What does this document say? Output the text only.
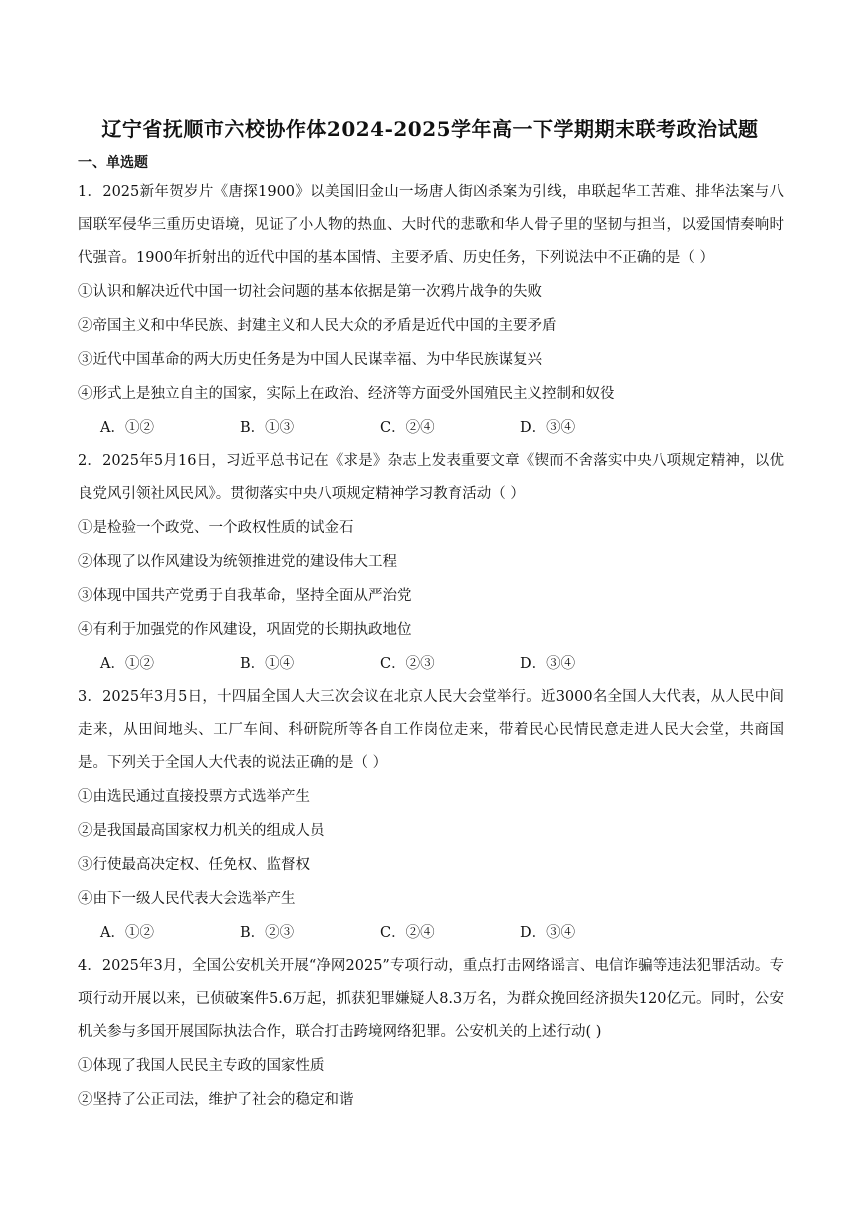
辽宁省抚顺市六校协作体2024-2025学年高一下学期期末联考政治试题
一、单选题

1．2025新年贺岁片《唐探1900》以美国旧金山一场唐人街凶杀案为引线，串联起华工苦难、排华法案与八国联军侵华三重历史语境，见证了小人物的热血、大时代的悲歌和华人骨子里的坚韧与担当，以爱国情奏响时代强音。1900年折射出的近代中国的基本国情、主要矛盾、历史任务，下列说法中不正确的是（ ）

①认识和解决近代中国一切社会问题的基本依据是第一次鸦片战争的失败

②帝国主义和中华民族、封建主义和人民大众的矛盾是近代中国的主要矛盾

③近代中国革命的两大历史任务是为中国人民谋幸福、为中华民族谋复兴

④形式上是独立自主的国家，实际上在政治、经济等方面受外国殖民主义控制和奴役

A．①②	B．①③	C．②④	D．③④

2．2025年5月16日，习近平总书记在《求是》杂志上发表重要文章《锲而不舍落实中央八项规定精神，以优良党风引领社风民风》。贯彻落实中央八项规定精神学习教育活动（ ）

①是检验一个政党、一个政权性质的试金石

②体现了以作风建设为统领推进党的建设伟大工程

③体现中国共产党勇于自我革命，坚持全面从严治党

④有利于加强党的作风建设，巩固党的长期执政地位

A．①②	B．①④	C．②③	D．③④

3．2025年3月5日，十四届全国人大三次会议在北京人民大会堂举行。近3000名全国人大代表，从人民中间走来，从田间地头、工厂车间、科研院所等各自工作岗位走来，带着民心民情民意走进人民大会堂，共商国是。下列关于全国人大代表的说法正确的是（ ）

①由选民通过直接投票方式选举产生

②是我国最高国家权力机关的组成人员

③行使最高决定权、任免权、监督权

④由下一级人民代表大会选举产生

A．①②	B．②③	C．②④	D．③④

4．2025年3月，全国公安机关开展“净网2025”专项行动，重点打击网络谣言、电信诈骗等违法犯罪活动。专项行动开展以来，已侦破案件5.6万起，抓获犯罪嫌疑人8.3万名，为群众挽回经济损失120亿元。同时，公安机关参与多国开展国际执法合作，联合打击跨境网络犯罪。公安机关的上述行动( )

①体现了我国人民民主专政的国家性质

②坚持了公正司法，维护了社会的稳定和谐
